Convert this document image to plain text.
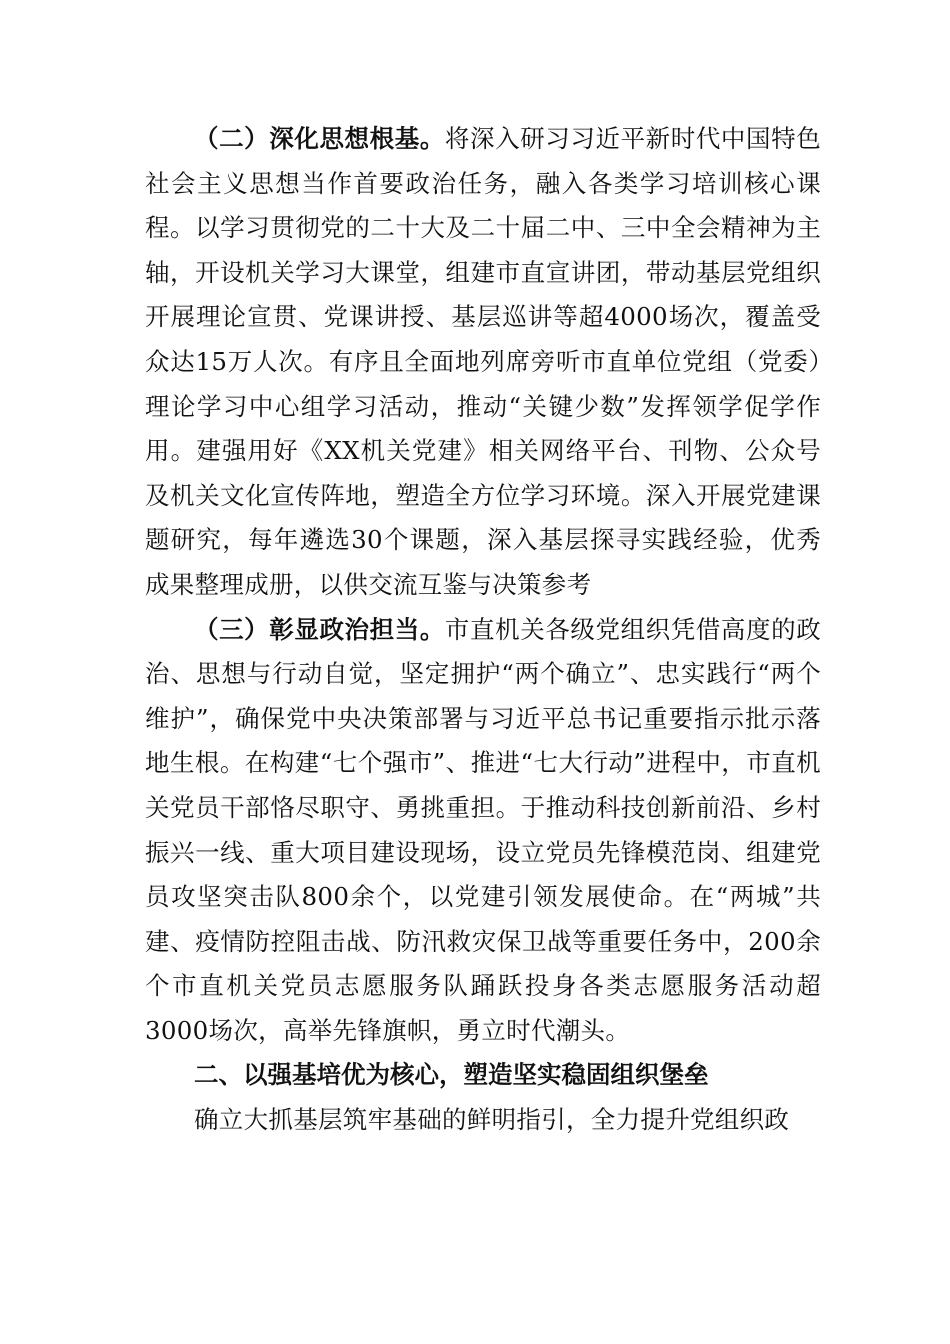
（二）深化思想根基。将深入研习习近平新时代中国特色社会主义思想当作首要政治任务，融入各类学习培训核心课程。以学习贯彻党的二十大及二十届二中、三中全会精神为主轴，开设机关学习大课堂，组建市直宣讲团，带动基层党组织开展理论宣贯、党课讲授、基层巡讲等超4000场次，覆盖受众达15万人次。有序且全面地列席旁听市直单位党组（党委）理论学习中心组学习活动，推动“关键少数”发挥领学促学作用。建强用好《XX机关党建》相关网络平台、刊物、公众号及机关文化宣传阵地，塑造全方位学习环境。深入开展党建课题研究，每年遴选30个课题，深入基层探寻实践经验，优秀成果整理成册，以供交流互鉴与决策参考

（三）彰显政治担当。市直机关各级党组织凭借高度的政治、思想与行动自觉，坚定拥护“两个确立”、忠实践行“两个维护”，确保党中央决策部署与习近平总书记重要指示批示落地生根。在构建“七个强市”、推进“七大行动”进程中，市直机关党员干部恪尽职守、勇挑重担。于推动科技创新前沿、乡村振兴一线、重大项目建设现场，设立党员先锋模范岗、组建党员攻坚突击队800余个，以党建引领发展使命。在“两城”共建、疫情防控阻击战、防汛救灾保卫战等重要任务中，200余个市直机关党员志愿服务队踊跃投身各类志愿服务活动超3000场次，高举先锋旗帜，勇立时代潮头。

二、以强基培优为核心，塑造坚实稳固组织堡垒

确立大抓基层筑牢基础的鲜明指引，全力提升党组织政
